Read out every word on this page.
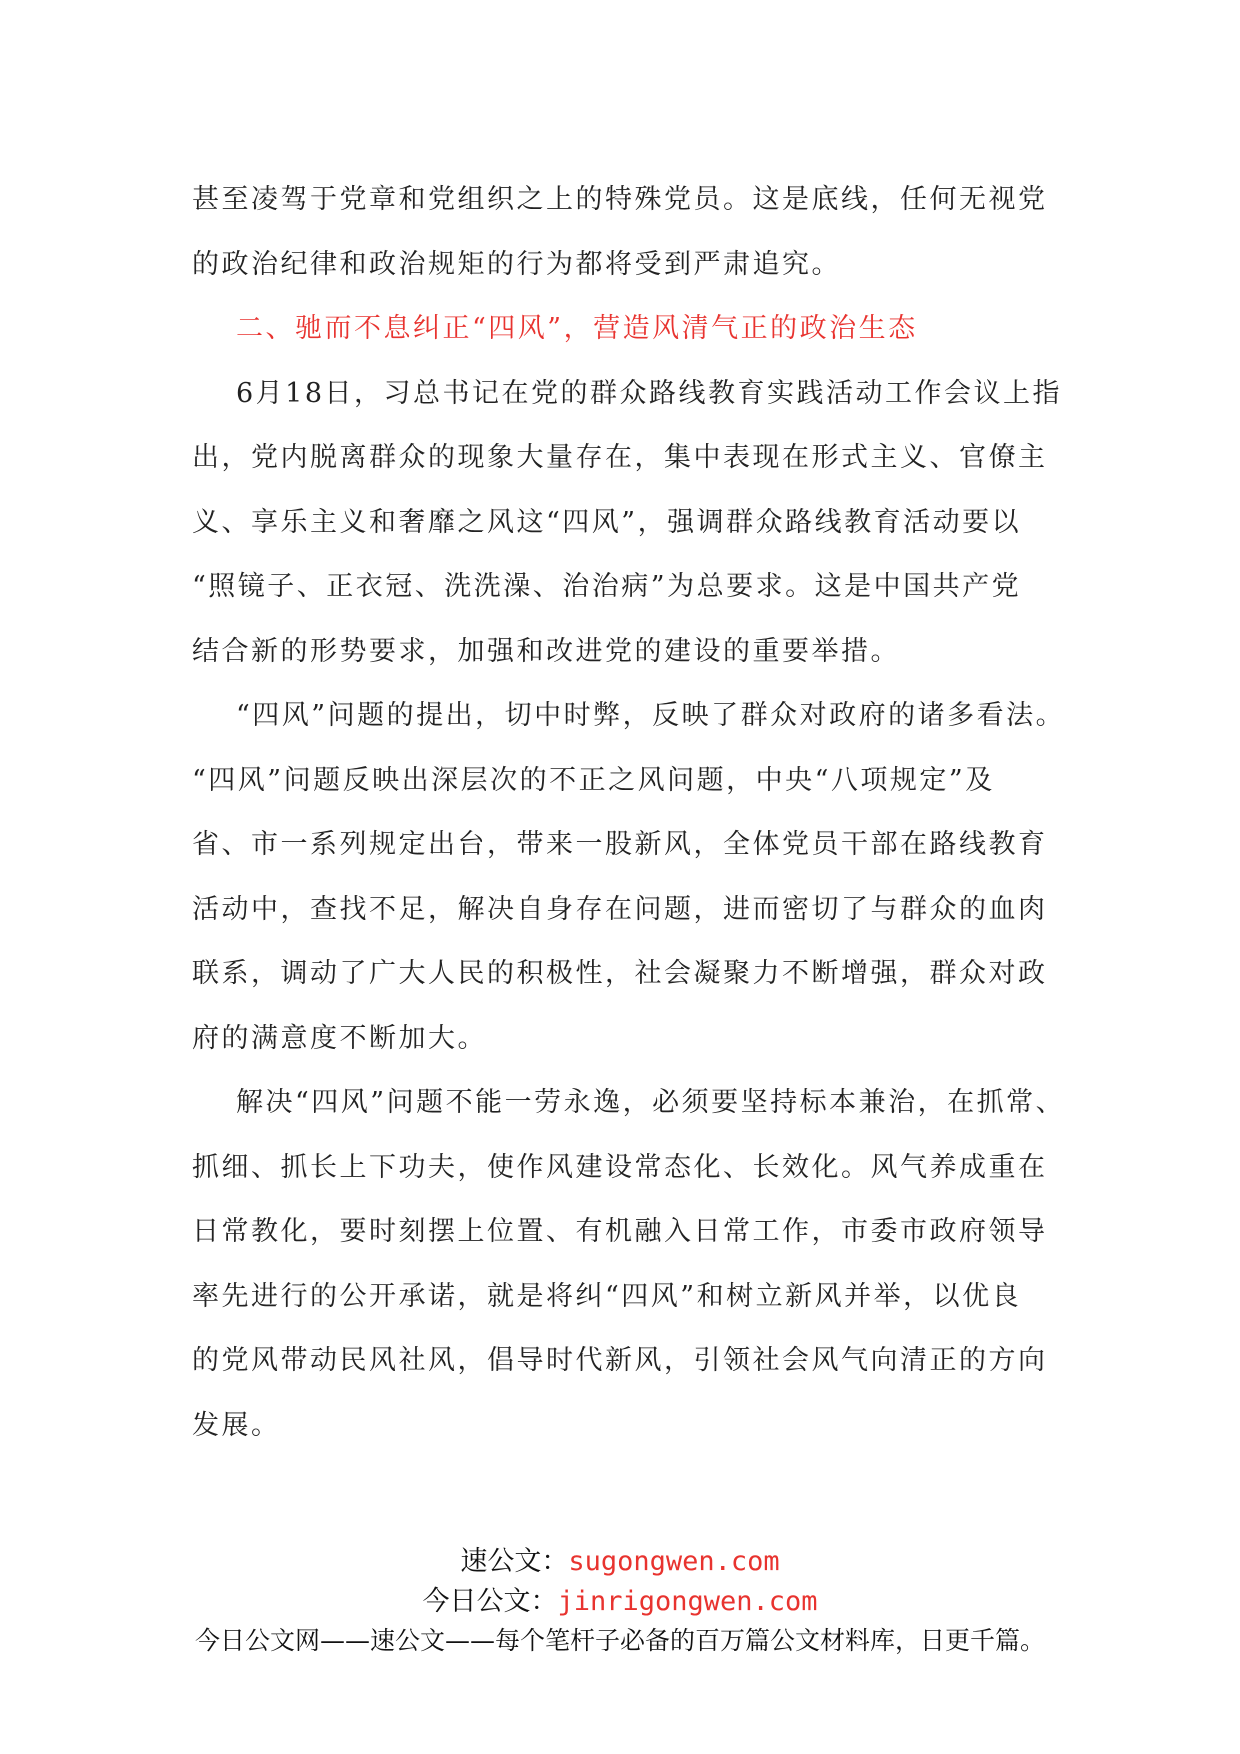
甚至凌驾于党章和党组织之上的特殊党员。这是底线，任何无视党
的政治纪律和政治规矩的行为都将受到严肃追究。
二、驰而不息纠正“四风”，营造风清气正的政治生态
6月18日，习总书记在党的群众路线教育实践活动工作会议上指
出，党内脱离群众的现象大量存在，集中表现在形式主义、官僚主
义、享乐主义和奢靡之风这“四风”，强调群众路线教育活动要以
“照镜子、正衣冠、洗洗澡、治治病”为总要求。这是中国共产党
结合新的形势要求，加强和改进党的建设的重要举措。
“四风”问题的提出，切中时弊，反映了群众对政府的诸多看法。
“四风”问题反映出深层次的不正之风问题，中央“八项规定”及
省、市一系列规定出台，带来一股新风，全体党员干部在路线教育
活动中，查找不足，解决自身存在问题，进而密切了与群众的血肉
联系，调动了广大人民的积极性，社会凝聚力不断增强，群众对政
府的满意度不断加大。
解决“四风”问题不能一劳永逸，必须要坚持标本兼治，在抓常、
抓细、抓长上下功夫，使作风建设常态化、长效化。风气养成重在
日常教化，要时刻摆上位置、有机融入日常工作，市委市政府领导
率先进行的公开承诺，就是将纠“四风”和树立新风并举，以优良
的党风带动民风社风，倡导时代新风，引领社会风气向清正的方向
发展。
速公文：sugongwen.com
今日公文：jinrigongwen.com
今日公文网——速公文——每个笔杆子必备的百万篇公文材料库，日更千篇。
